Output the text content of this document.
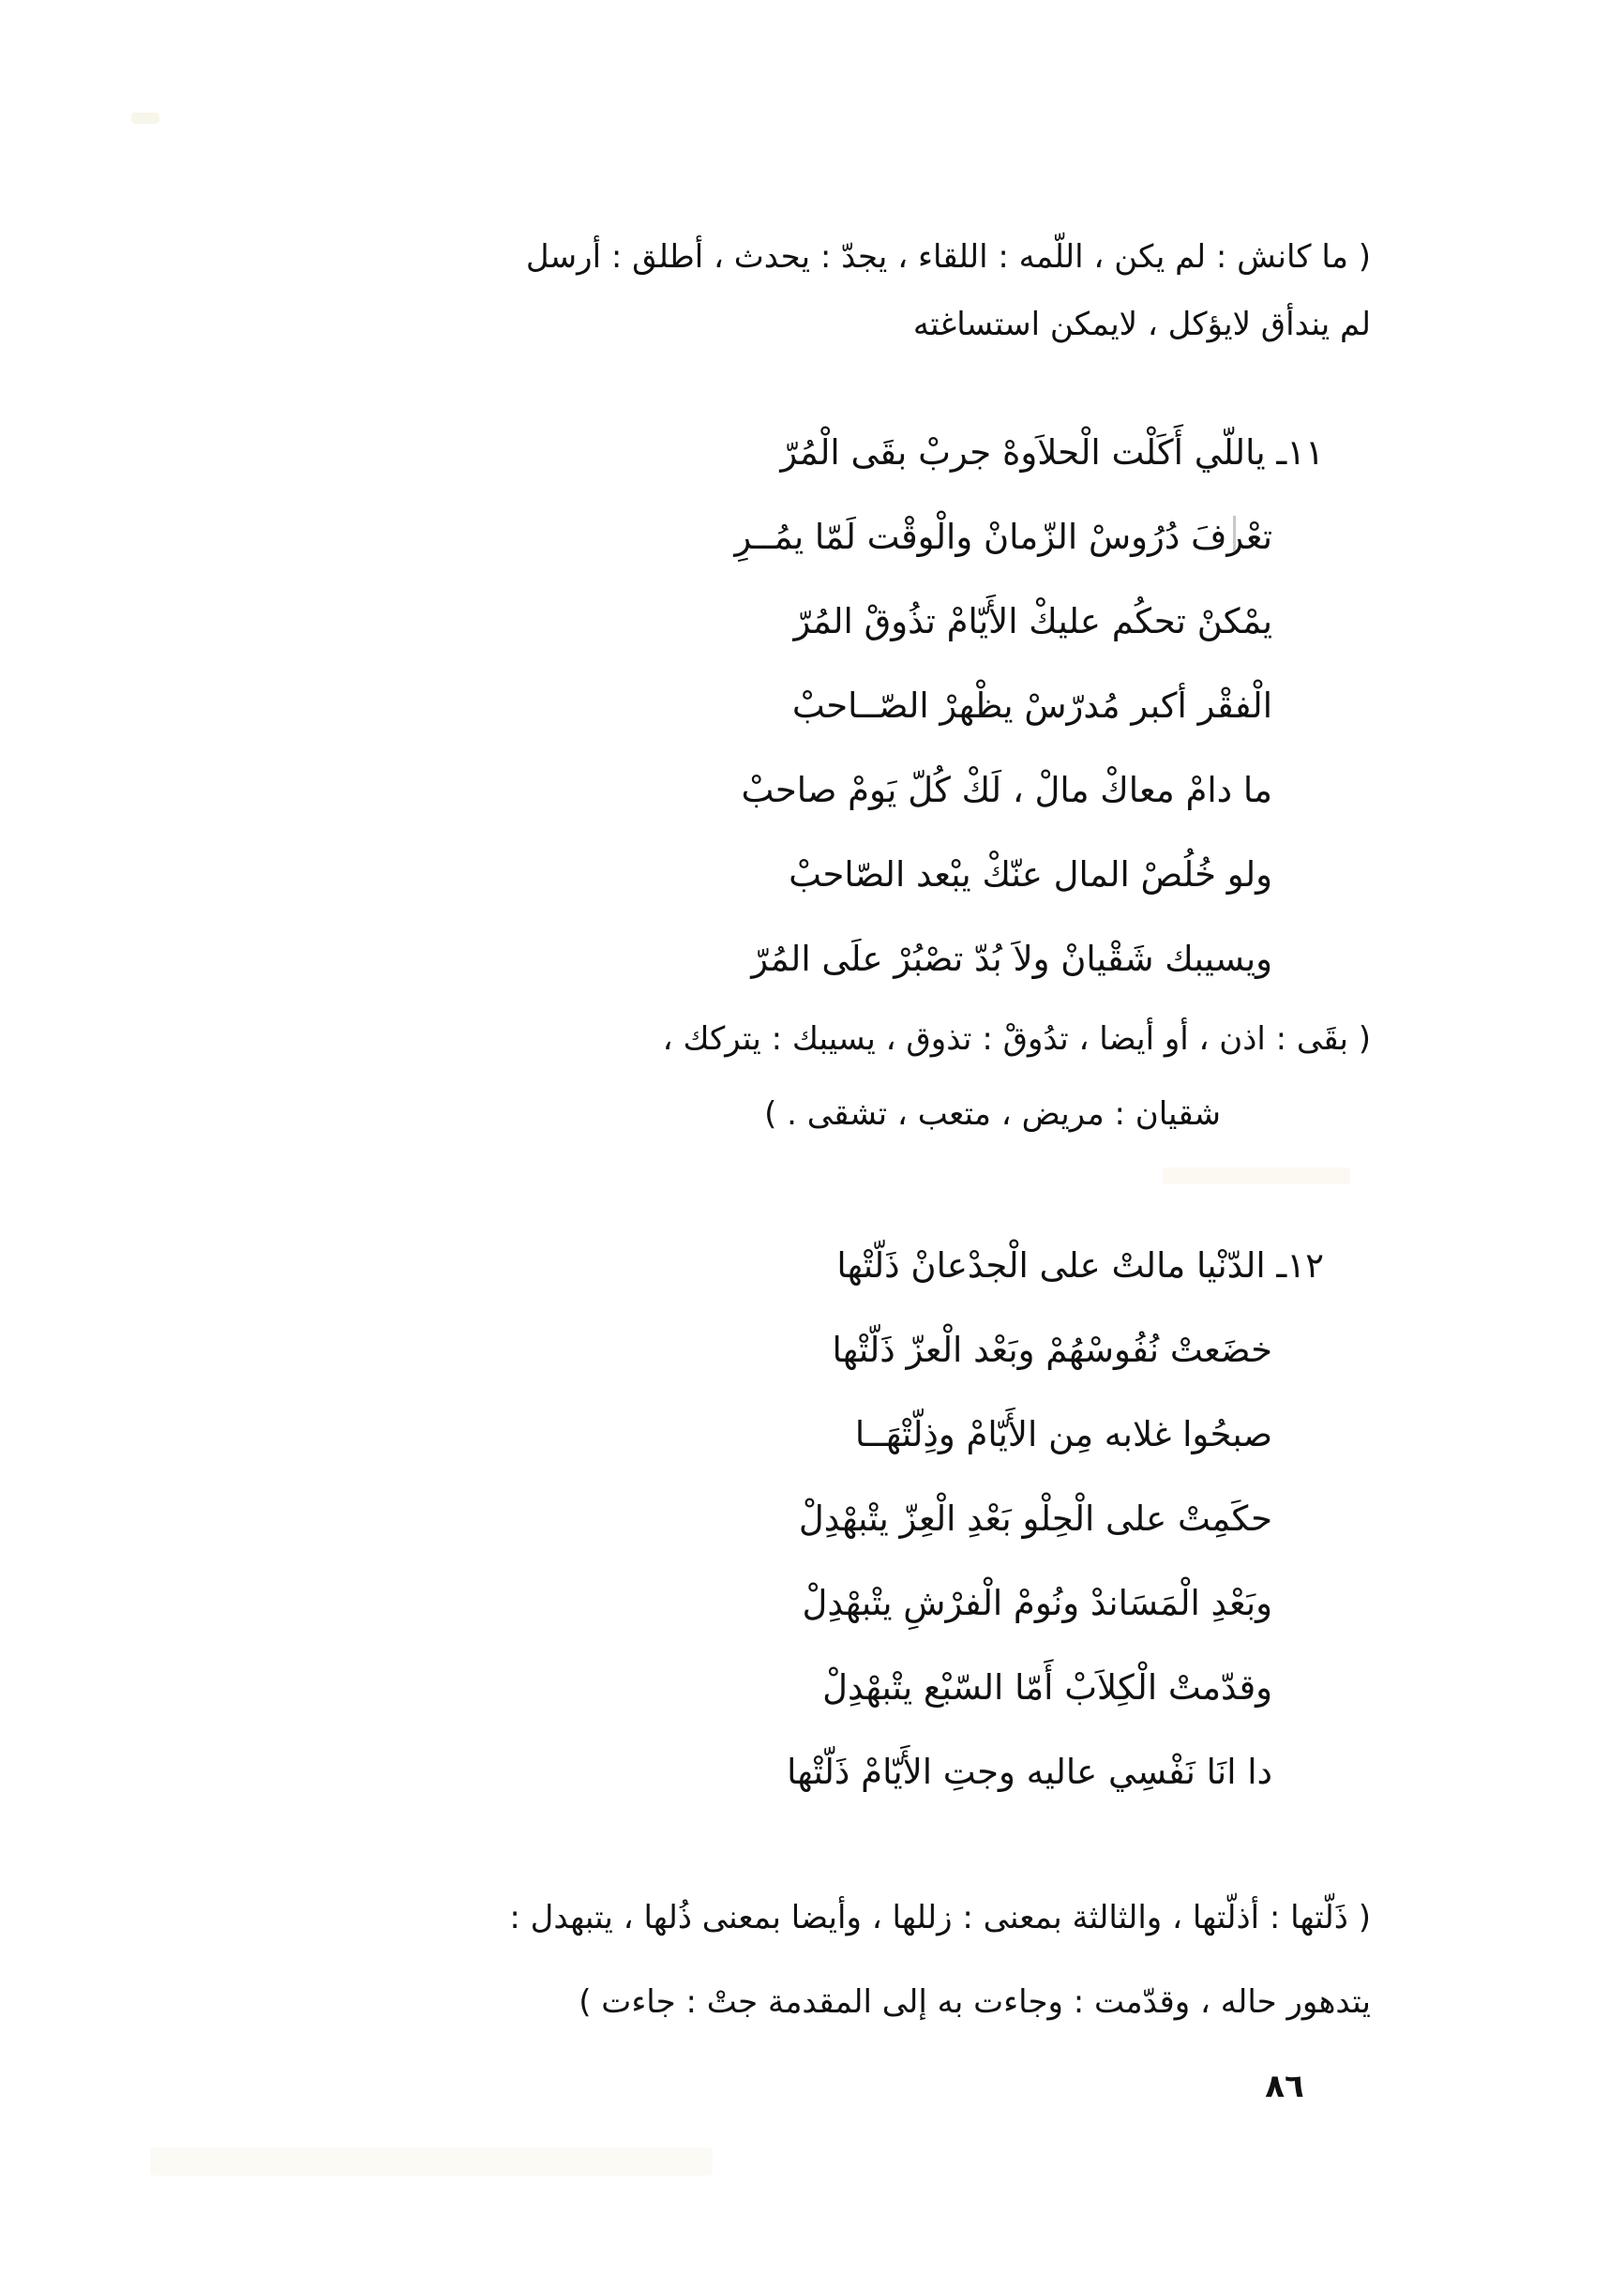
( ما كانش : لم يكن ، اللّمه : اللقاء ، يجدّ : يحدث ، أطلق : أرسل
لم يندأق لايؤكل ، لايمكن استساغته
١١ـ ياللّي أَكَلْت الْحلاَوهْ جربْ بقَى الْمُرّ
تعْرفَ دُرُوسْ الزّمانْ والْوقْت لَمّا يمُــرِ
يمْكنْ تحكُم عليكْ الأَيّامْ تذُوقْ المُرّ
الْفقْر أكبر مُدرّسْ يظْهرْ الصّــاحبْ
ما دامْ معاكْ مالْ ، لَكْ كُلّ يَومْ صاحبْ
ولو خُلُصْ المال عنّكْ يبْعد الصّاحبْ
ويسيبك شَقْيانْ ولاَ بُدّ تصْبُرْ علَى المُرّ
( بقَى : اذن ، أو أيضا ، تدُوقْ : تذوق ، يسيبك : يتركك ،
شقيان : مريض ، متعب ، تشقى . )
١٢ـ الدّنْيا مالتْ على الْجدْعانْ ذَلّتْها
خضَعتْ نُفُوسْهُمْ وبَعْد الْعزّ ذَلّتْها
صبحُوا غلابه مِن الأَيّامْ وذِلّتْهَــا
حكَمِتْ على الْحِلْو بَعْدِ الْعِزّ يتْبهْدِلْ
وبَعْدِ الْمَسَاندْ ونُومْ الْفرْشِ يتْبهْدِلْ
وقدّمتْ الْكِلاَبْ أَمّا السّبْع يتْبهْدِلْ
دا انَا نَفْسِي عاليه وجتِ الأَيّامْ ذَلّتْها
( ذَلّتها : أذلّتها ، والثالثة بمعنى : زللها ، وأيضا بمعنى ذُلها ، يتبهدل :
يتدهور حاله ، وقدّمت : وجاءت به إلى المقدمة جتْ : جاءت )
٨٦
